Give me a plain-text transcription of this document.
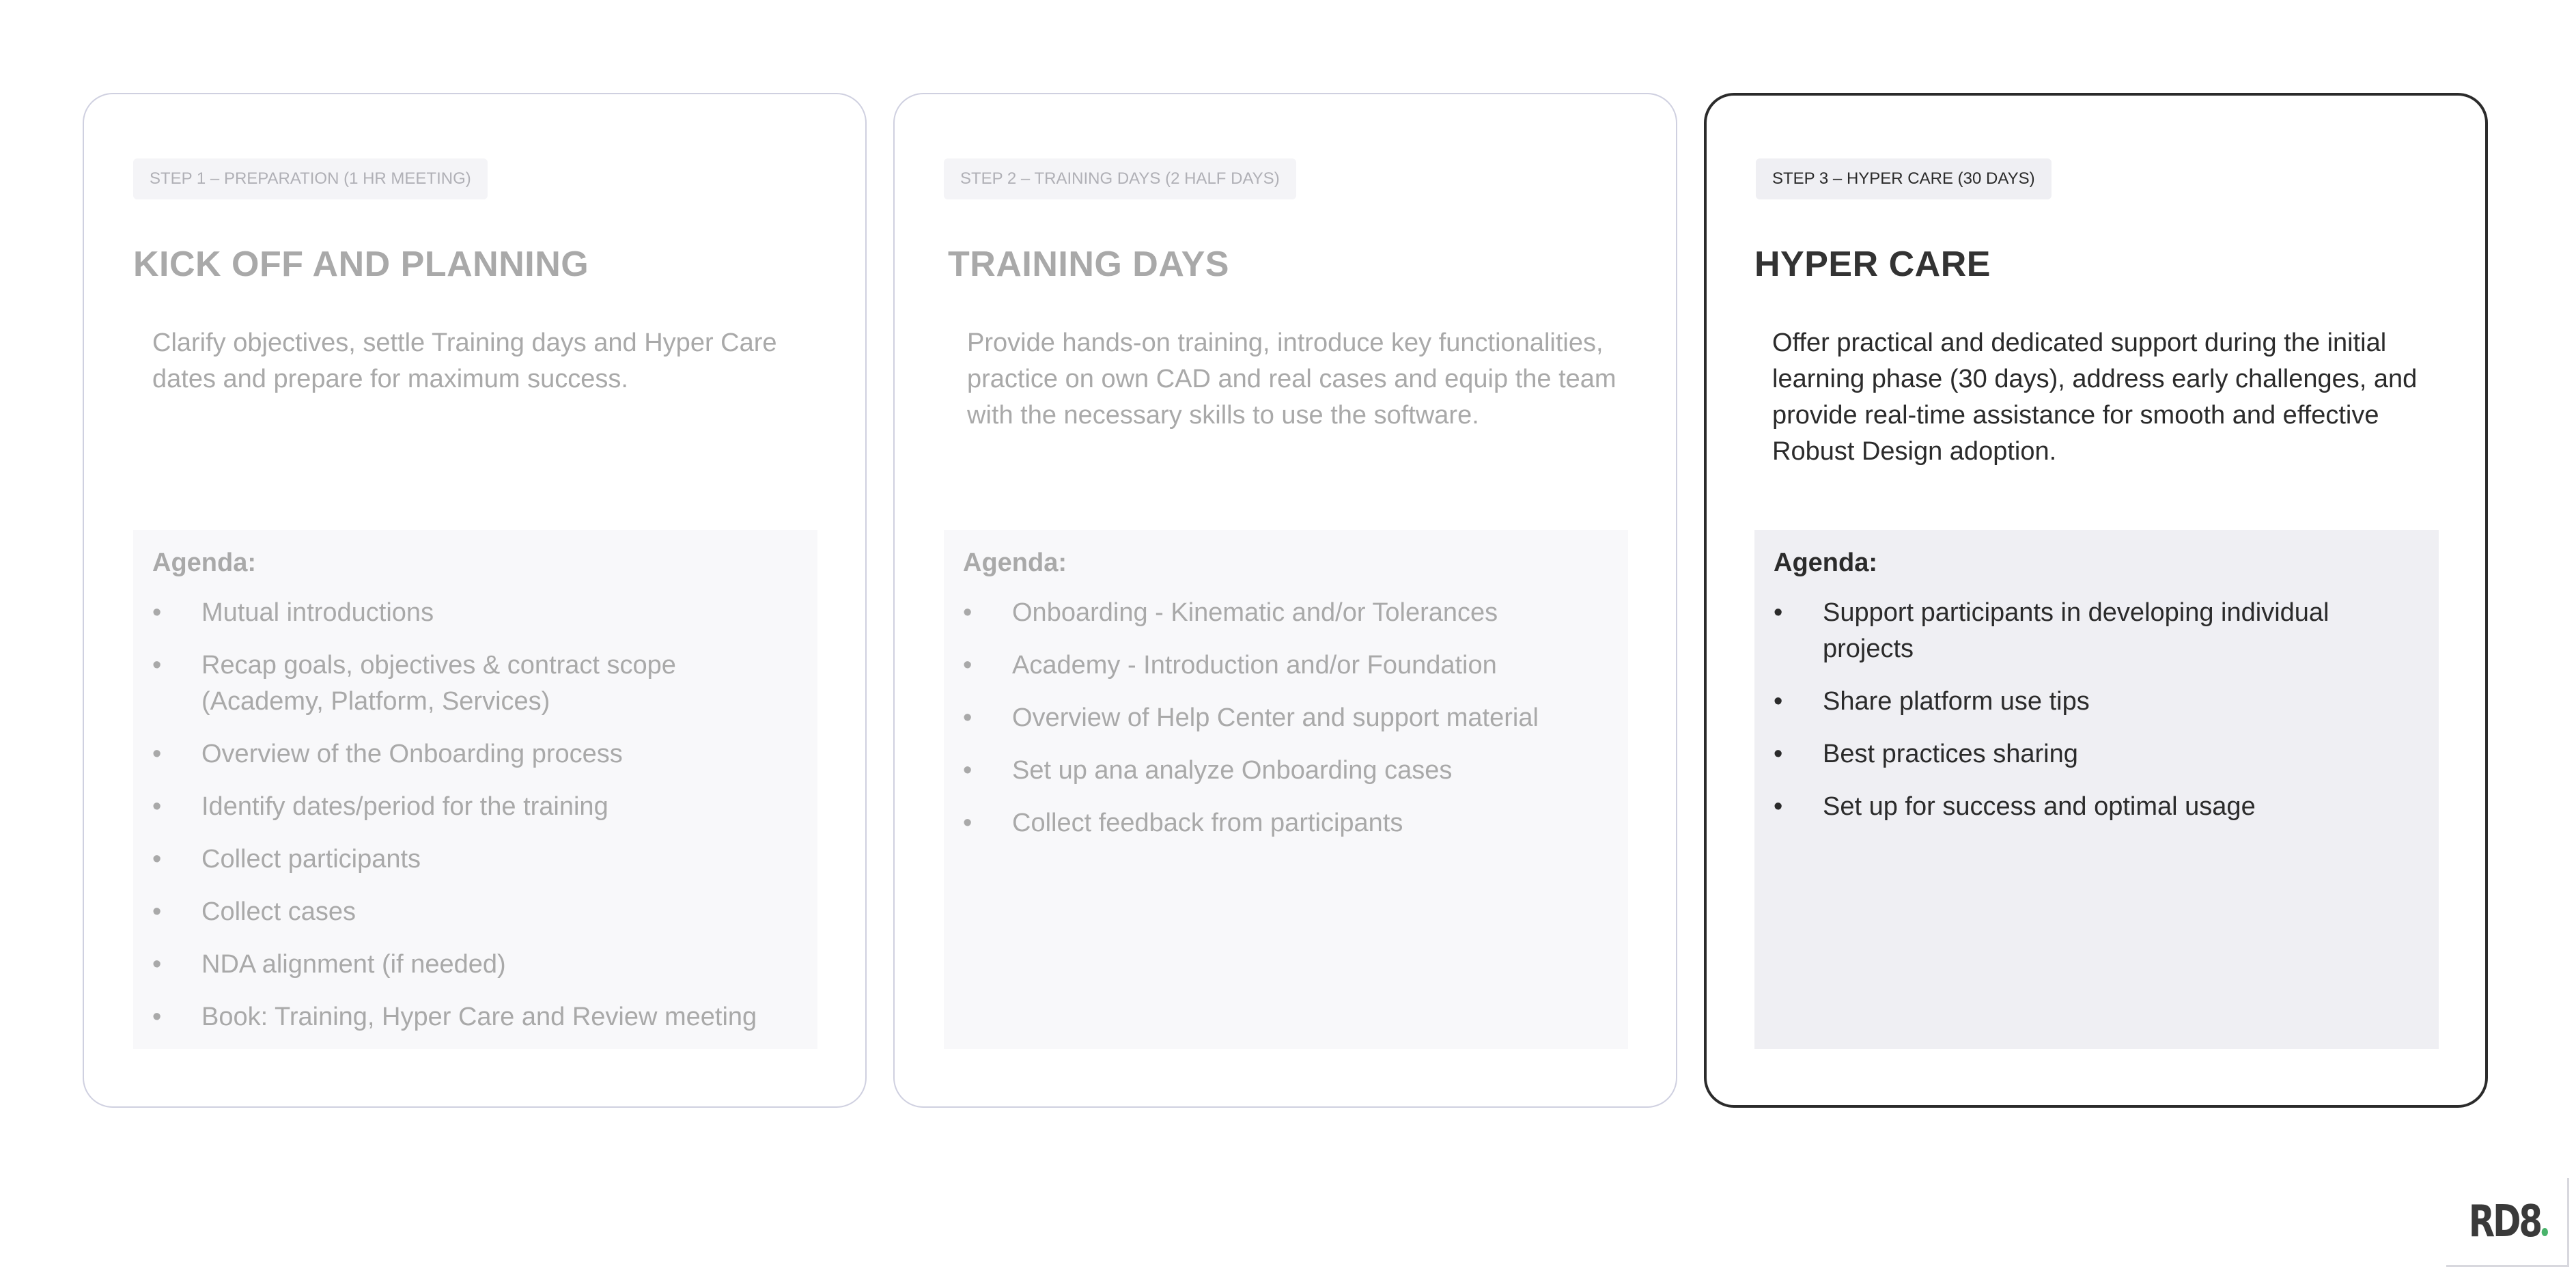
STEP 1 – PREPARATION (1 HR MEETING)
KICK OFF AND PLANNING

Clarify objectives, settle Training days and Hyper Care dates and prepare for maximum success.

Agenda:
• Mutual introductions
• Recap goals, objectives & contract scope (Academy, Platform, Services)
• Overview of the Onboarding process
• Identify dates/period for the training
• Collect participants
• Collect cases
• NDA alignment (if needed)
• Book: Training, Hyper Care and Review meeting
STEP 2 – TRAINING DAYS (2 HALF DAYS)
TRAINING DAYS

Provide hands-on training, introduce key functionalities, practice on own CAD and real cases and equip the team with the necessary skills to use the software.

Agenda:
• Onboarding - Kinematic and/or Tolerances
• Academy - Introduction and/or Foundation
• Overview of Help Center and support material
• Set up ana analyze Onboarding cases
• Collect feedback from participants
STEP 3 – HYPER CARE (30 DAYS)
HYPER CARE

Offer practical and dedicated support during the initial learning phase (30 days), address early challenges, and provide real-time assistance for smooth and effective Robust Design adoption.

Agenda:
• Support participants in developing individual projects
• Share platform use tips
• Best practices sharing
• Set up for success and optimal usage
RD8
